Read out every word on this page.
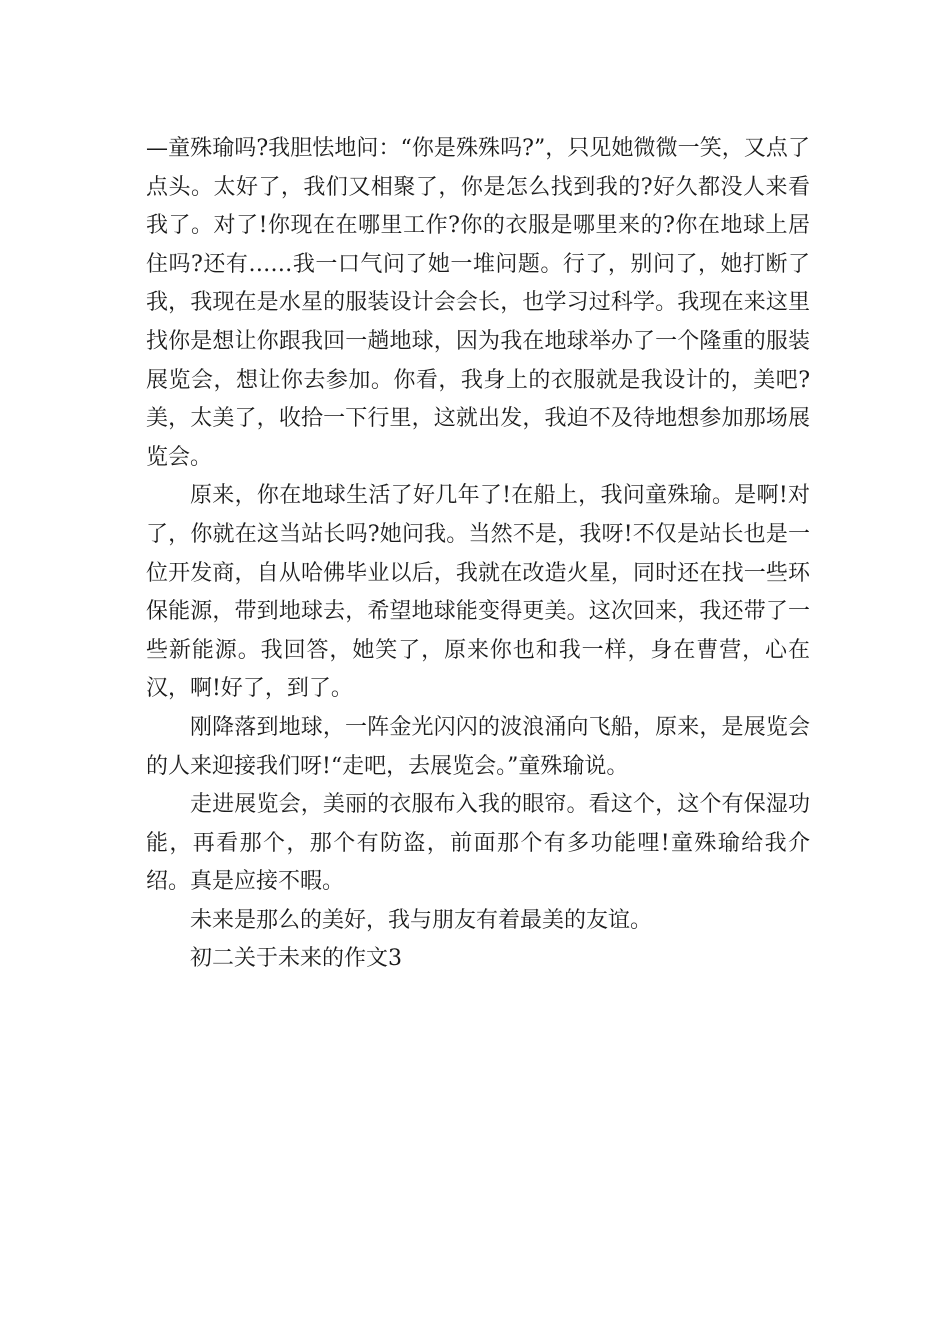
—童殊瑜吗?我胆怯地问：“你是殊殊吗?”，只见她微微一笑，又点了点头。太好了，我们又相聚了，你是怎么找到我的?好久都没人来看我了。对了!你现在在哪里工作?你的衣服是哪里来的?你在地球上居住吗?还有……我一口气问了她一堆问题。行了，别问了，她打断了我，我现在是水星的服装设计会会长，也学习过科学。我现在来这里找你是想让你跟我回一趟地球，因为我在地球举办了一个隆重的服装展览会，想让你去参加。你看，我身上的衣服就是我设计的，美吧?美，太美了，收拾一下行里，这就出发，我迫不及待地想参加那场展览会。

原来，你在地球生活了好几年了!在船上，我问童殊瑜。是啊!对了，你就在这当站长吗?她问我。当然不是，我呀!不仅是站长也是一位开发商，自从哈佛毕业以后，我就在改造火星，同时还在找一些环保能源，带到地球去，希望地球能变得更美。这次回来，我还带了一些新能源。我回答，她笑了，原来你也和我一样，身在曹营，心在汉，啊!好了，到了。

刚降落到地球，一阵金光闪闪的波浪涌向飞船，原来，是展览会的人来迎接我们呀!“走吧，去展览会。”童殊瑜说。

走进展览会，美丽的衣服布入我的眼帘。看这个，这个有保湿功能，再看那个，那个有防盗，前面那个有多功能哩!童殊瑜给我介绍。真是应接不暇。

未来是那么的美好，我与朋友有着最美的友谊。

初二关于未来的作文3
